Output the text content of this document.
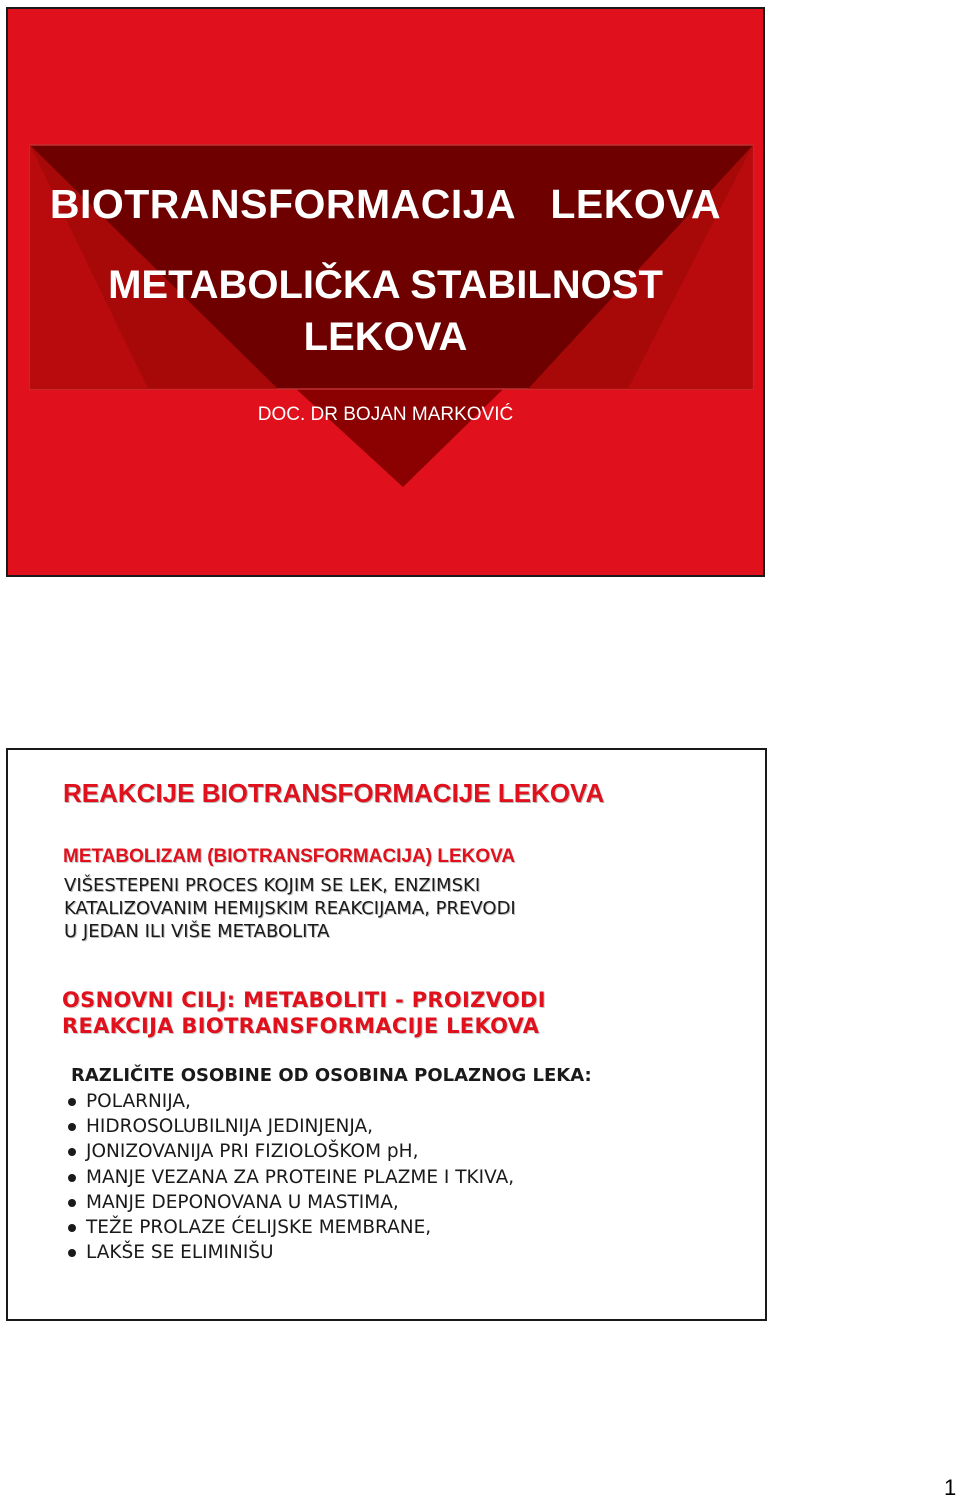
BIOTRANSFORMACIJA   LEKOVA
METABOLIČKA STABILNOST
LEKOVA
DOC. DR BOJAN MARKOVIĆ
REAKCIJE BIOTRANSFORMACIJE LEKOVA
METABOLIZAM (BIOTRANSFORMACIJA) LEKOVA
VIŠESTEPENI PROCES KOJIM SE LEK, ENZIMSKI
KATALIZOVANIM HEMIJSKIM REAKCIJAMA, PREVODI
U JEDAN ILI VIŠE METABOLITA
OSNOVNI CILJ: METABOLITI - PROIZVODI
REAKCIJA BIOTRANSFORMACIJE LEKOVA
RAZLIČITE OSOBINE OD OSOBINA POLAZNOG LEKA:
POLARNIJA,
HIDROSOLUBILNIJA JEDINJENJA,
JONIZOVANIJA PRI FIZIOLOŠKOM pH,
MANJE VEZANA ZA PROTEINE PLAZME I TKIVA,
MANJE DEPONOVANA U MASTIMA,
TEŽE PROLAZE ĆELIJSKE MEMBRANE,
LAKŠE SE ELIMINIŠU
1
